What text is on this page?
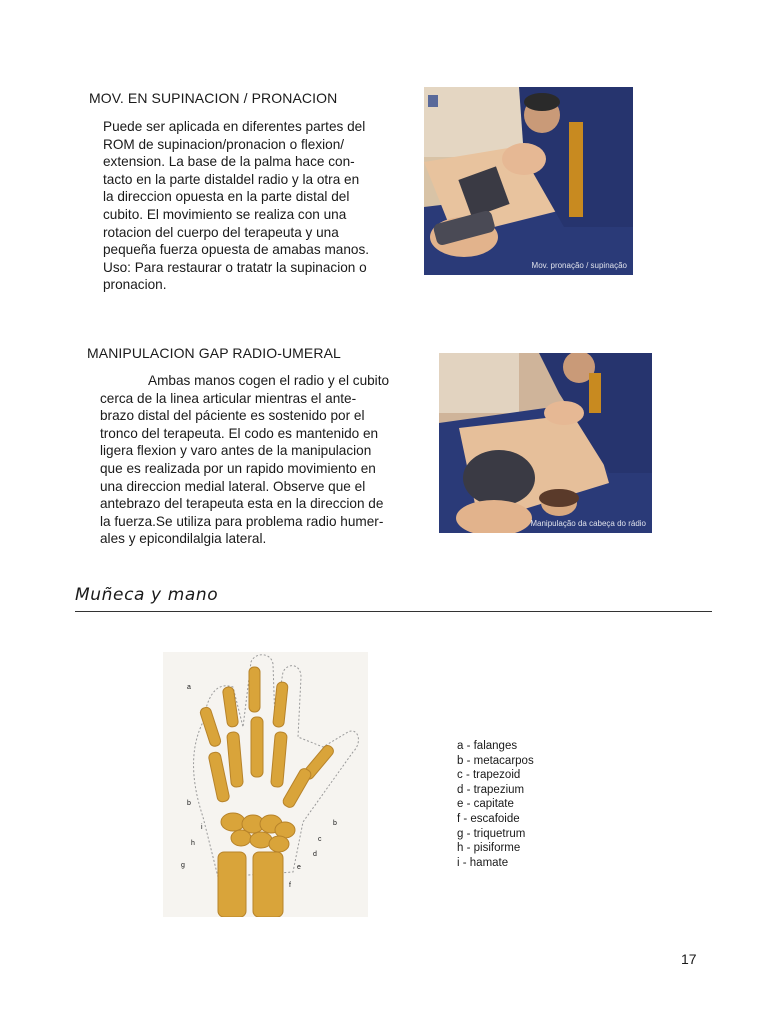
MOV. EN SUPINACION / PRONACION
Puede ser aplicada en diferentes partes del
ROM de supinacion/pronacion o flexion/
extension. La base de la palma hace con-
tacto en la parte distaldel radio y la otra en
la direccion opuesta en la parte distal del
cubito. El movimiento se realiza con una
rotacion del cuerpo del terapeuta y una
pequeña fuerza opuesta de amabas manos.
Uso: Para restaurar o tratatr la supinacion o
pronacion.
Mov. pronação / supinação
MANIPULACION GAP RADIO-UMERAL
Ambas manos cogen el radio y el cubito
cerca de la linea articular mientras el ante-
brazo distal del páciente es sostenido por el
tronco del terapeuta. El codo es mantenido en
ligera flexion y varo antes de la manipulacion
que es realizada por un rapido movimiento en
una direccion medial lateral. Observe que el
antebrazo del terapeuta esta en la direccion de
la fuerza.Se utiliza para problema radio humer-
ales y epicondilalgia lateral.
Manipulação da cabeça do rádio
Muñeca y mano
a
b
b
i
h
g
c
d
e
f
a - falanges
b - metacarpos
c - trapezoid
d - trapezium
e - capitate
f - escafoide
g - triquetrum
h - pisiforme
i - hamate
17
